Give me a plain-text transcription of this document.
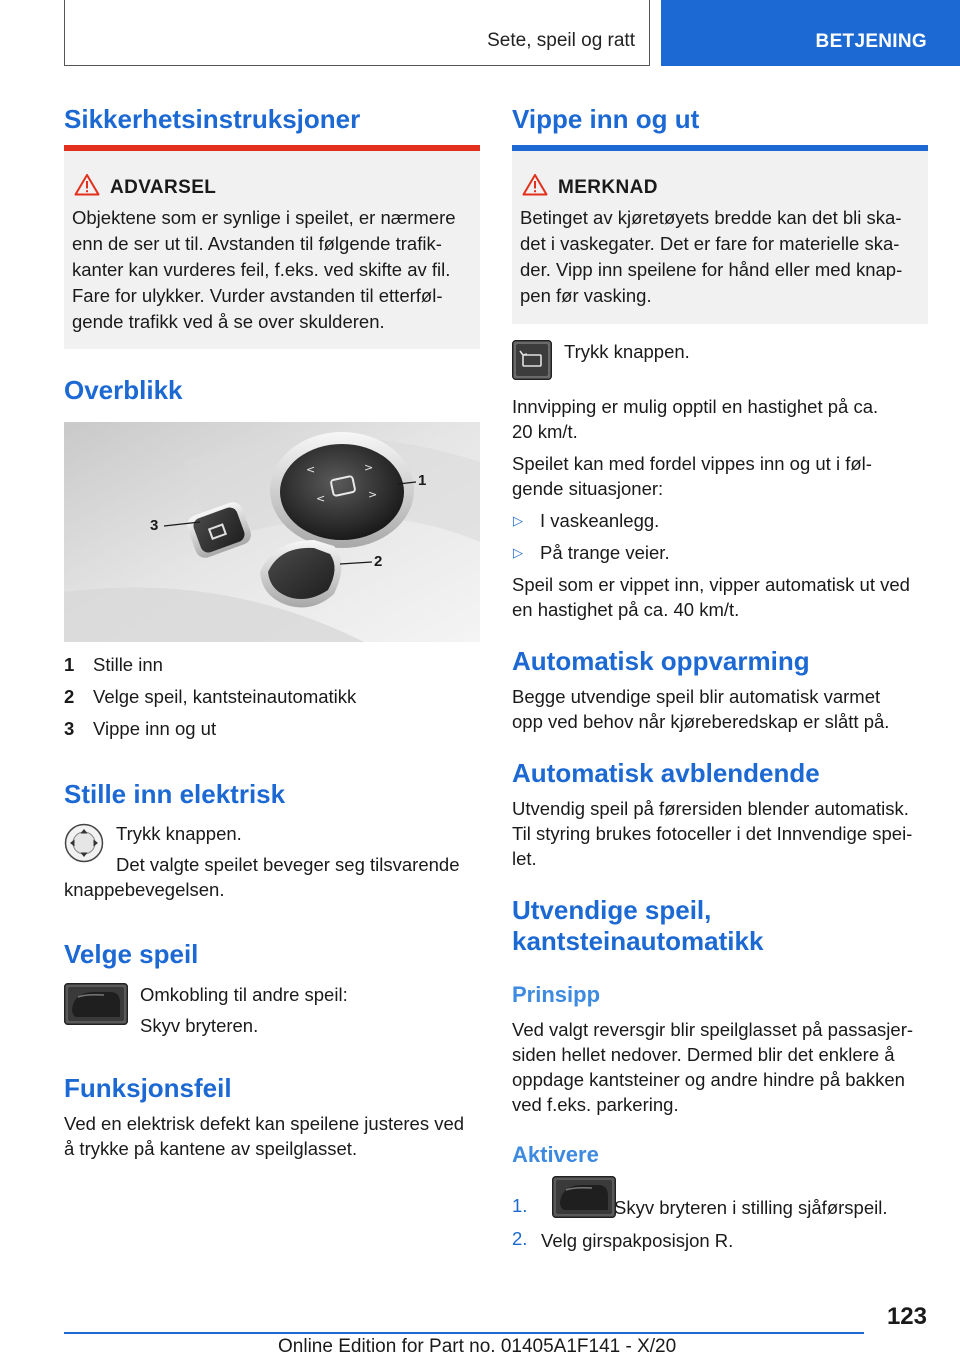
Sete, speil og ratt	BETJENING
Sikkerhetsinstruksjoner
ADVARSEL
Objektene som er synlige i speilet, er nærmere
enn de ser ut til. Avstanden til følgende trafik-
kanter kan vurderes feil, f.eks. ved skifte av fil.
Fare for ulykker. Vurder avstanden til etterføl-
gende trafikk ved å se over skulderen.
Overblikk
<	>
<	>
1
2
3
1 Stille inn
2 Velge speil, kantsteinautomatikk
3 Vippe inn og ut
Stille inn elektrisk
Trykk knappen.
Det valgte speilet beveger seg tilsvarende
knappebevegelsen.
Velge speil
Omkobling til andre speil:
Skyv bryteren.
Funksjonsfeil
Ved en elektrisk defekt kan speilene justeres ved
å trykke på kantene av speilglasset.
Vippe inn og ut
MERKNAD
Betinget av kjøretøyets bredde kan det bli ska-
det i vaskegater. Det er fare for materielle ska-
der. Vipp inn speilene for hånd eller med knap-
pen før vasking.
Trykk knappen.
Innvipping er mulig opptil en hastighet på ca.
20 km/t.
Speilet kan med fordel vippes inn og ut i føl-
gende situasjoner:
▷ I vaskeanlegg.
▷ På trange veier.
Speil som er vippet inn, vipper automatisk ut ved
en hastighet på ca. 40 km/t.
Automatisk oppvarming
Begge utvendige speil blir automatisk varmet
opp ved behov når kjøreberedskap er slått på.
Automatisk avblendende
Utvendig speil på førersiden blender automatisk.
Til styring brukes fotoceller i det Innvendige spei-
let.
Utvendige speil,
kantsteinautomatikk
Prinsipp
Ved valgt reversgir blir speilglasset på passasjer-
siden hellet nedover. Dermed blir det enklere å
oppdage kantsteiner og andre hindre på bakken
ved f.eks. parkering.
Aktivere
1.	Skyv bryteren i stilling sjåførspeil.
2. Velg girspakposisjon R.
123
Online Edition for Part no. 01405A1F141 - X/20
